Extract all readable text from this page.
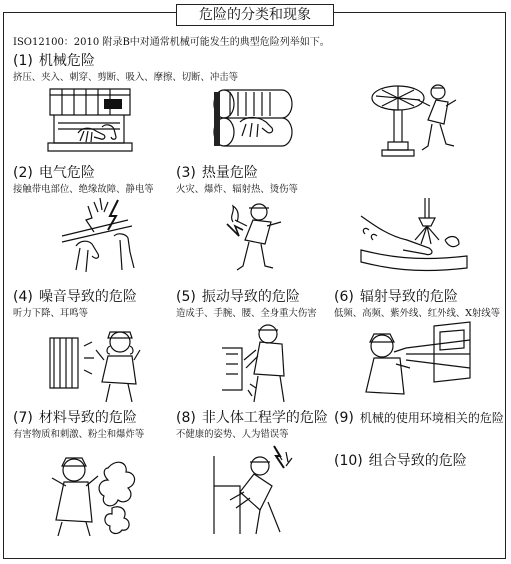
危险的分类和现象
ISO12100：2010 附录B中对通常机械可能发生的典型危险列举如下。
(1) 机械危险
挤压、夹入、刺穿、剪断、吸入、摩擦、切断、冲击等
(2) 电气危险
接触带电部位、绝缘故障、静电等
(3) 热量危险
火灾、爆炸、辐射热、烫伤等
(4) 噪音导致的危险
听力下降、耳鸣等
(5) 振动导致的危险
造成手、手腕、腰、全身重大伤害
(6) 辐射导致的危险
低频、高频、紫外线、红外线、X射线等
(7) 材料导致的危险
有害物质和刺激、粉尘和爆炸等
(8) 非人体工程学的危险
不健康的姿势、人为错误等
(9) 机械的使用环境相关的危险
(10) 组合导致的危险
